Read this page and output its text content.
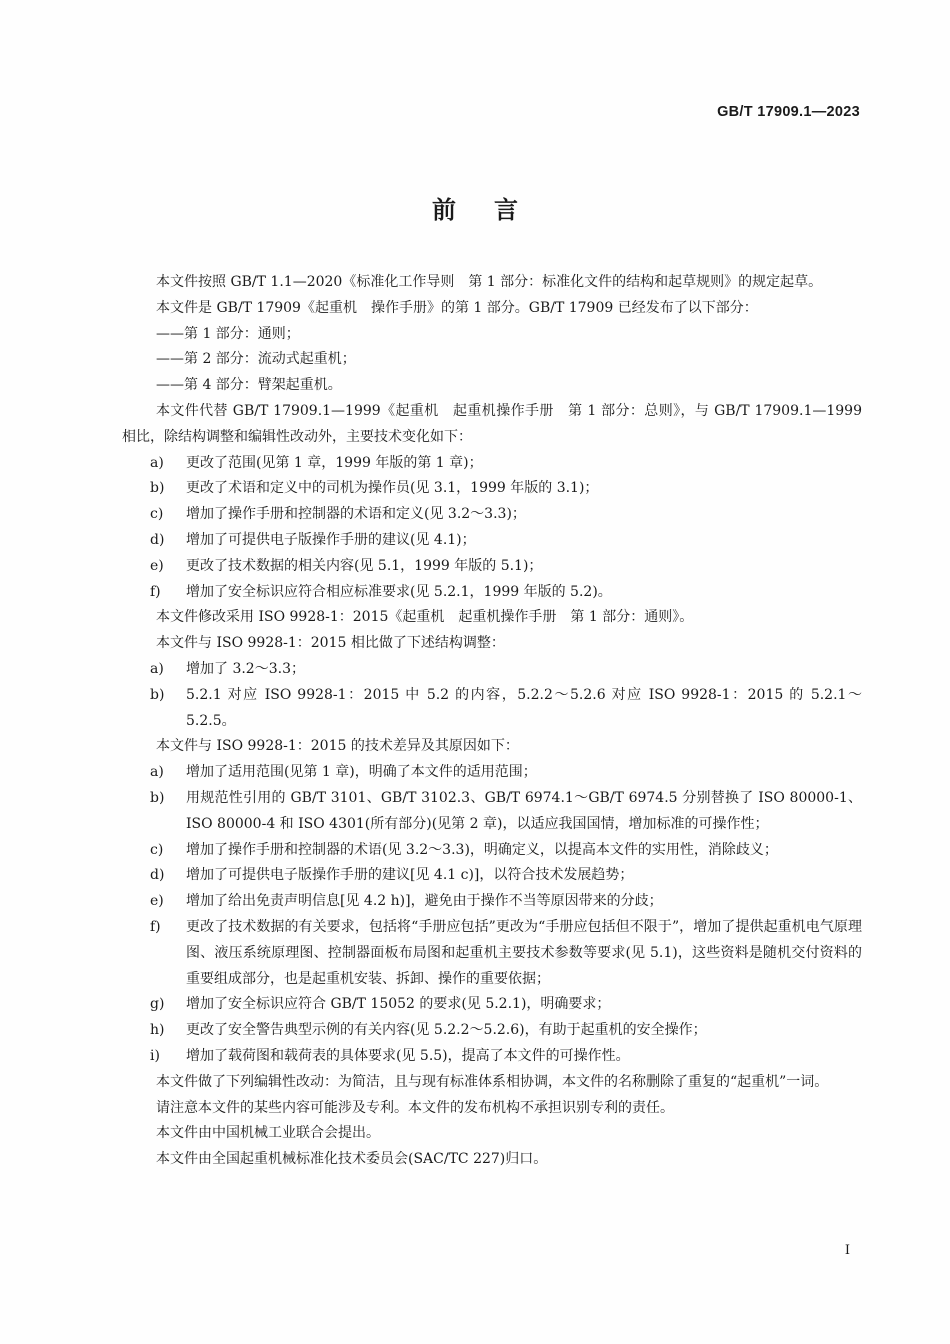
GB/T 17909.1—2023
前言

本文件按照 GB/T 1.1—2020《标准化工作导则　第 1 部分：标准化文件的结构和起草规则》的规定起草。

本文件是 GB/T 17909《起重机　操作手册》的第 1 部分。GB/T 17909 已经发布了以下部分：

——第 1 部分：通则；

——第 2 部分：流动式起重机；

——第 4 部分：臂架起重机。

本文件代替 GB/T 17909.1—1999《起重机　起重机操作手册　第 1 部分：总则》，与 GB/T 17909.1—1999 相比，除结构调整和编辑性改动外，主要技术变化如下：

a)	更改了范围(见第 1 章，1999 年版的第 1 章)；
b)	更改了术语和定义中的司机为操作员(见 3.1，1999 年版的 3.1)；
c)	增加了操作手册和控制器的术语和定义(见 3.2～3.3)；
d)	增加了可提供电子版操作手册的建议(见 4.1)；
e)	更改了技术数据的相关内容(见 5.1，1999 年版的 5.1)；
f)	增加了安全标识应符合相应标准要求(见 5.2.1，1999 年版的 5.2)。

本文件修改采用 ISO 9928-1：2015《起重机　起重机操作手册　第 1 部分：通则》。

本文件与 ISO 9928-1：2015 相比做了下述结构调整：

a)	增加了 3.2～3.3；
b)	5.2.1 对应 ISO 9928-1：2015 中 5.2 的内容，5.2.2～5.2.6 对应 ISO 9928-1：2015 的 5.2.1～5.2.5。

本文件与 ISO 9928-1：2015 的技术差异及其原因如下：

a)	增加了适用范围(见第 1 章)，明确了本文件的适用范围；
b)	用规范性引用的 GB/T 3101、GB/T 3102.3、GB/T 6974.1～GB/T 6974.5 分别替换了 ISO 80000-1、ISO 80000-4 和 ISO 4301(所有部分)(见第 2 章)，以适应我国国情，增加标准的可操作性；
c)	增加了操作手册和控制器的术语(见 3.2～3.3)，明确定义，以提高本文件的实用性，消除歧义；
d)	增加了可提供电子版操作手册的建议[见 4.1 c)]，以符合技术发展趋势；
e)	增加了给出免责声明信息[见 4.2 h)]，避免由于操作不当等原因带来的分歧；
f)	更改了技术数据的有关要求，包括将“手册应包括”更改为“手册应包括但不限于”，增加了提供起重机电气原理图、液压系统原理图、控制器面板布局图和起重机主要技术参数等要求(见 5.1)，这些资料是随机交付资料的重要组成部分，也是起重机安装、拆卸、操作的重要依据；
g)	增加了安全标识应符合 GB/T 15052 的要求(见 5.2.1)，明确要求；
h)	更改了安全警告典型示例的有关内容(见 5.2.2～5.2.6)，有助于起重机的安全操作；
i)	增加了载荷图和载荷表的具体要求(见 5.5)，提高了本文件的可操作性。

本文件做了下列编辑性改动：为简洁，且与现有标准体系相协调，本文件的名称删除了重复的“起重机”一词。

请注意本文件的某些内容可能涉及专利。本文件的发布机构不承担识别专利的责任。

本文件由中国机械工业联合会提出。

本文件由全国起重机械标准化技术委员会(SAC/TC 227)归口。

I
